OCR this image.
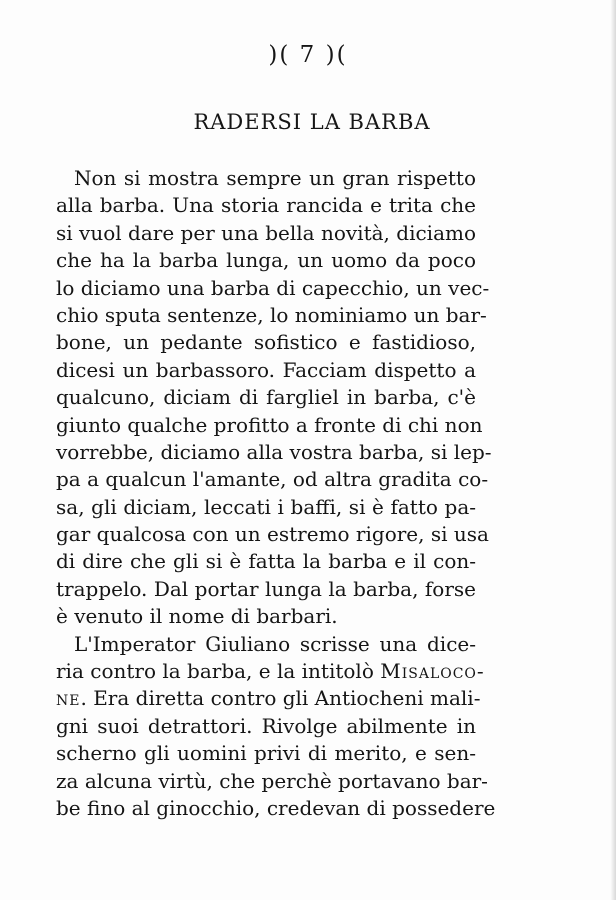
)( 7 )(
RADERSI LA BARBA
Non si mostra sempre un gran rispetto
alla barba. Una storia rancida e trita che
si vuol dare per una bella novità, diciamo
che ha la barba lunga, un uomo da poco
lo diciamo una barba di capecchio, un vec-
chio sputa sentenze, lo nominiamo un bar-
bone, un pedante sofistico e fastidioso,
dicesi un barbassoro. Facciam dispetto a
qualcuno, diciam di fargliel in barba, c'è
giunto qualche profitto a fronte di chi non
vorrebbe, diciamo alla vostra barba, si lep-
pa a qualcun l'amante, od altra gradita co-
sa, gli diciam, leccati i baffi, si è fatto pa-
gar qualcosa con un estremo rigore, si usa
di dire che gli si è fatta la barba e il con-
trappelo. Dal portar lunga la barba, forse
è venuto il nome di barbari.
L'Imperator Giuliano scrisse una dice-
ria contro la barba, e la intitolò Misaloco-
ne. Era diretta contro gli Antiocheni mali-
gni suoi detrattori. Rivolge abilmente in
scherno gli uomini privi di merito, e sen-
za alcuna virtù, che perchè portavano bar-
be fino al ginocchio, credevan di possedere
